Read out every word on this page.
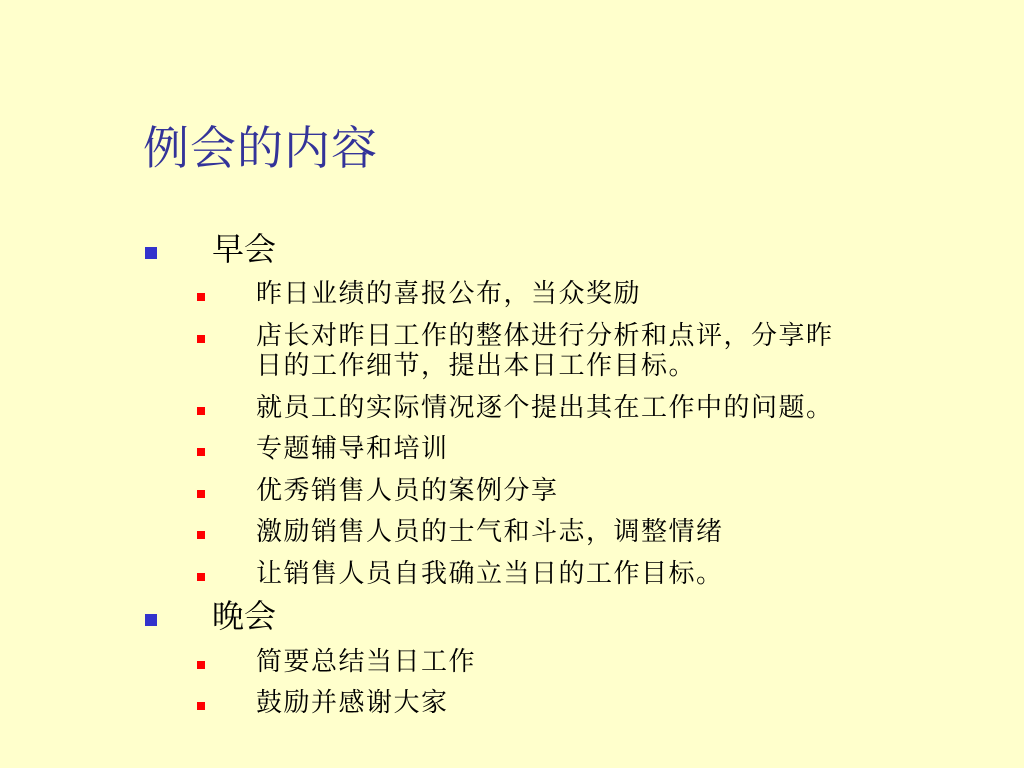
例会的内容
早会
昨日业绩的喜报公布，当众奖励
店长对昨日工作的整体进行分析和点评，分享昨
日的工作细节，提出本日工作目标。
就员工的实际情况逐个提出其在工作中的问题。
专题辅导和培训
优秀销售人员的案例分享
激励销售人员的士气和斗志，调整情绪
让销售人员自我确立当日的工作目标。
晚会
简要总结当日工作
鼓励并感谢大家
